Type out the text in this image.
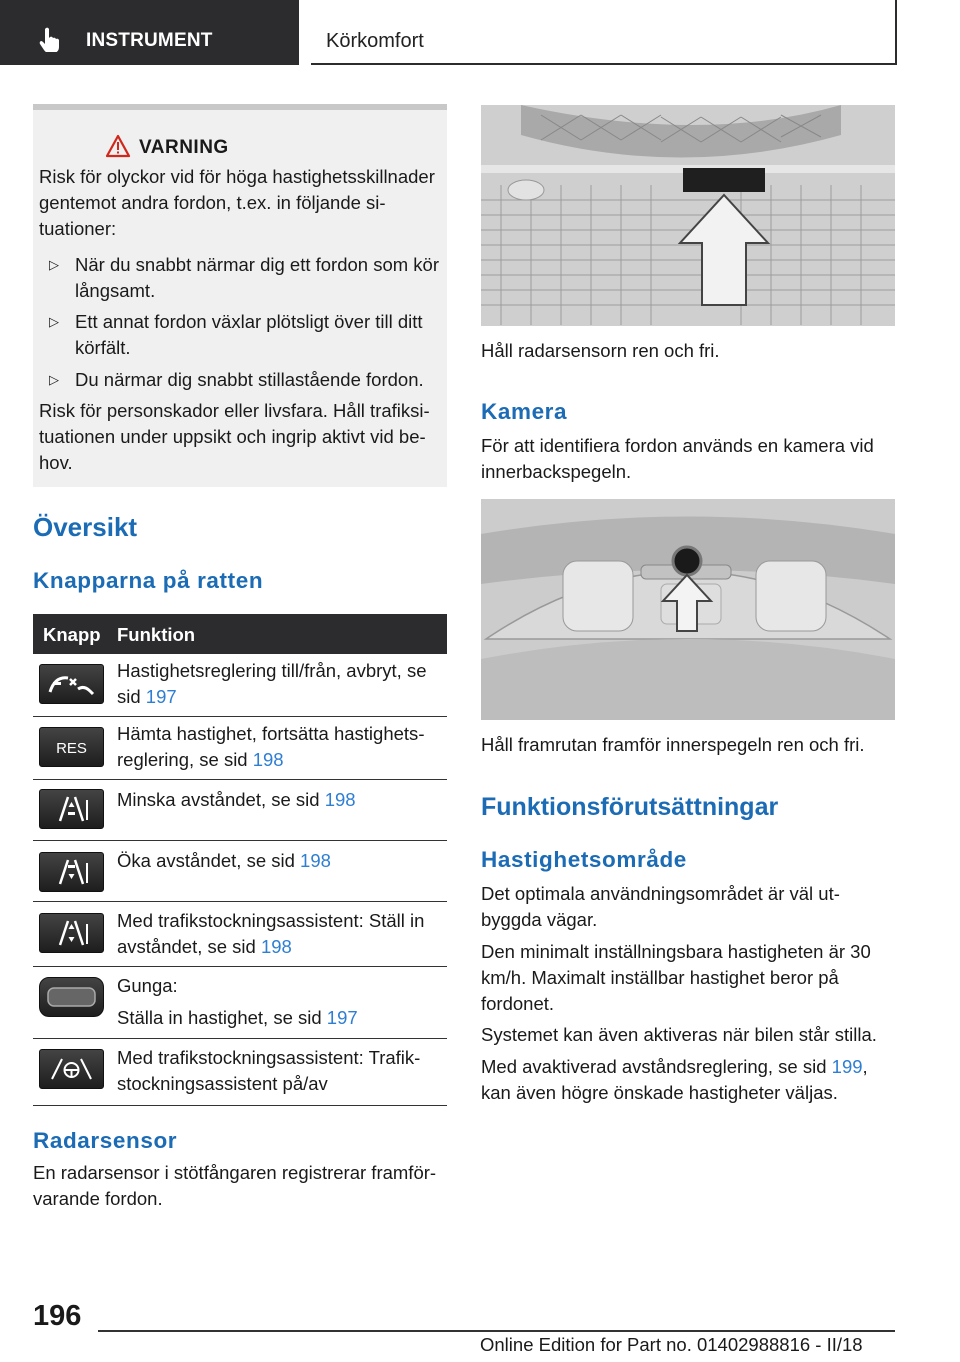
INSTRUMENT	Körkomfort
VARNING

Risk för olyckor vid för höga hastighetsskillnader gentemot andra fordon, t.ex. in följande situationer:

▷ När du snabbt närmar dig ett fordon som kör långsamt.
▷ Ett annat fordon växlar plötsligt över till ditt körfält.
▷ Du närmar dig snabbt stillastående fordon.

Risk för personskador eller livsfara. Håll trafiksituationen under uppsikt och ingrip aktivt vid behov.

Översikt
Knapparna på ratten
Knapp Funktion
Hastighetsreglering till/från, avbryt, se sid 197
RES
Hämta hastighet, fortsätta hastighetsreglering, se sid 198
Minska avståndet, se sid 198
Öka avståndet, se sid 198
Med trafikstockningsassistent: Ställ in avståndet, se sid 198
Gunga:
Ställa in hastighet, se sid 197
Med trafikstockningsassistent: Trafikstockningsassistent på/av
Radarsensor

En radarsensor i stötfångaren registrerar framförvarande fordon.

Håll radarsensorn ren och fri.

Kamera

För att identifiera fordon används en kamera vid innerbackspegeln.

Håll framrutan framför innerspegeln ren och fri.

Funktionsförutsättningar
Hastighetsområde

Det optimala användningsområdet är väl utbyggda vägar.

Den minimalt inställningsbara hastigheten är 30 km/h. Maximalt inställbar hastighet beror på fordonet.

Systemet kan även aktiveras när bilen står stilla.

Med avaktiverad avståndsreglering, se sid 199, kan även högre önskade hastigheter väljas.

196
Online Edition for Part no. 01402988816 - II/18
